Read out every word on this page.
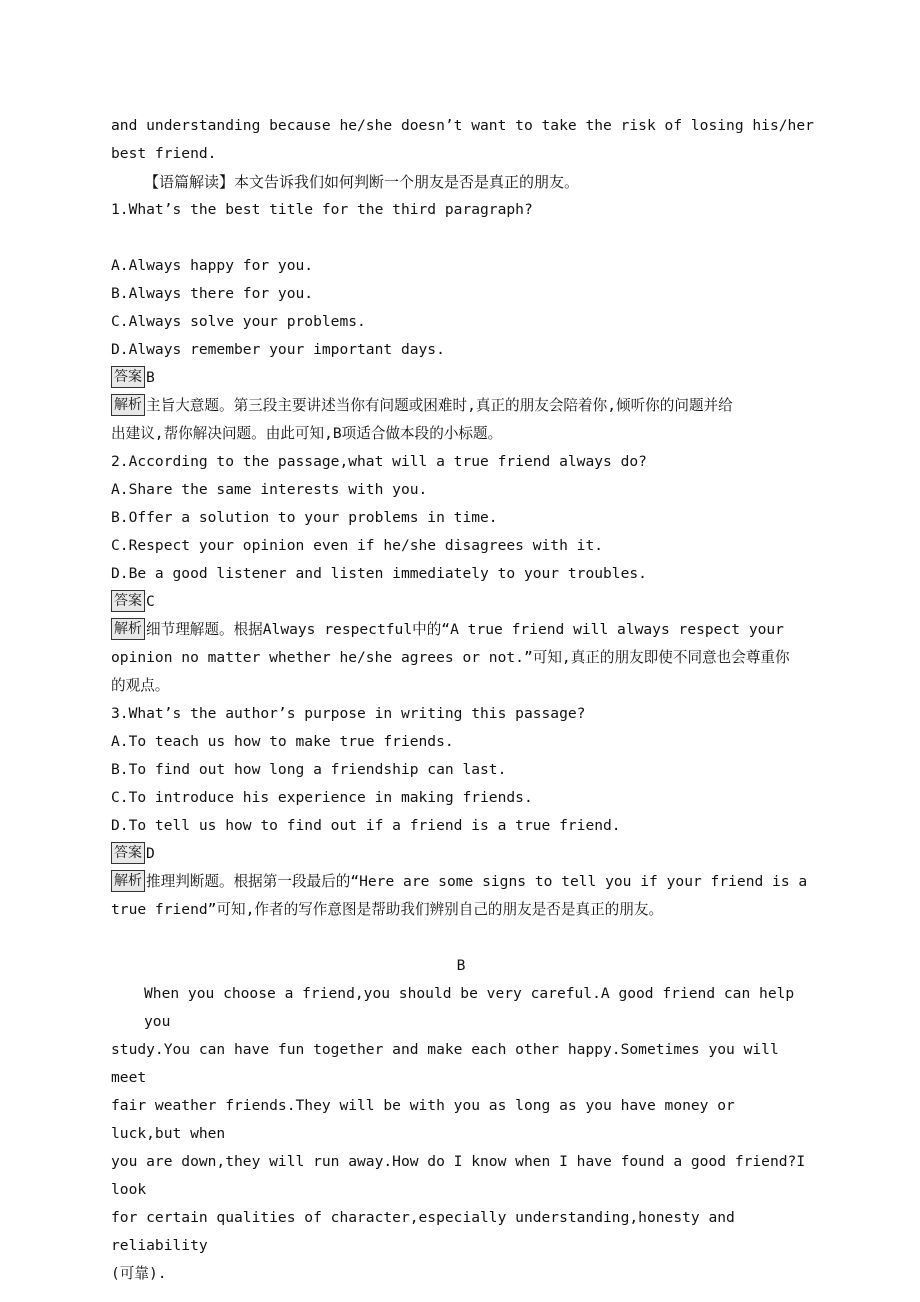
and understanding because he/she doesn’t want to take the risk of losing his/her
best friend.
【语篇解读】本文告诉我们如何判断一个朋友是否是真正的朋友。
1.What’s the best title for the third paragraph?
A.Always happy for you.
B.Always there for you.
C.Always solve your problems.
D.Always remember your important days.
答案 B
解析 主旨大意题。第三段主要讲述当你有问题或困难时,真正的朋友会陪着你,倾听你的问题并给
出建议,帮你解决问题。由此可知,B项适合做本段的小标题。
2.According to the passage,what will a true friend always do?
A.Share the same interests with you.
B.Offer a solution to your problems in time.
C.Respect your opinion even if he/she disagrees with it.
D.Be a good listener and listen immediately to your troubles.
答案 C
解析 细节理解题。根据Always respectful中的“A true friend will always respect your
opinion no matter whether he/she agrees or not.”可知,真正的朋友即使不同意也会尊重你
的观点。
3.What’s the author’s purpose in writing this passage?
A.To teach us how to make true friends.
B.To find out how long a friendship can last.
C.To introduce his experience in making friends.
D.To tell us how to find out if a friend is a true friend.
答案 D
解析 推理判断题。根据第一段最后的“Here are some signs to tell you if your friend is a
true friend”可知,作者的写作意图是帮助我们辨别自己的朋友是否是真正的朋友。
B
When you choose a friend,you should be very careful.A good friend can help you
study.You can have fun together and make each other happy.Sometimes you will meet
fair weather friends.They will be with you as long as you have money or luck,but when
you are down,they will run away.How do I know when I have found a good friend?I look
for certain qualities of character,especially understanding,honesty and reliability
(可靠).
